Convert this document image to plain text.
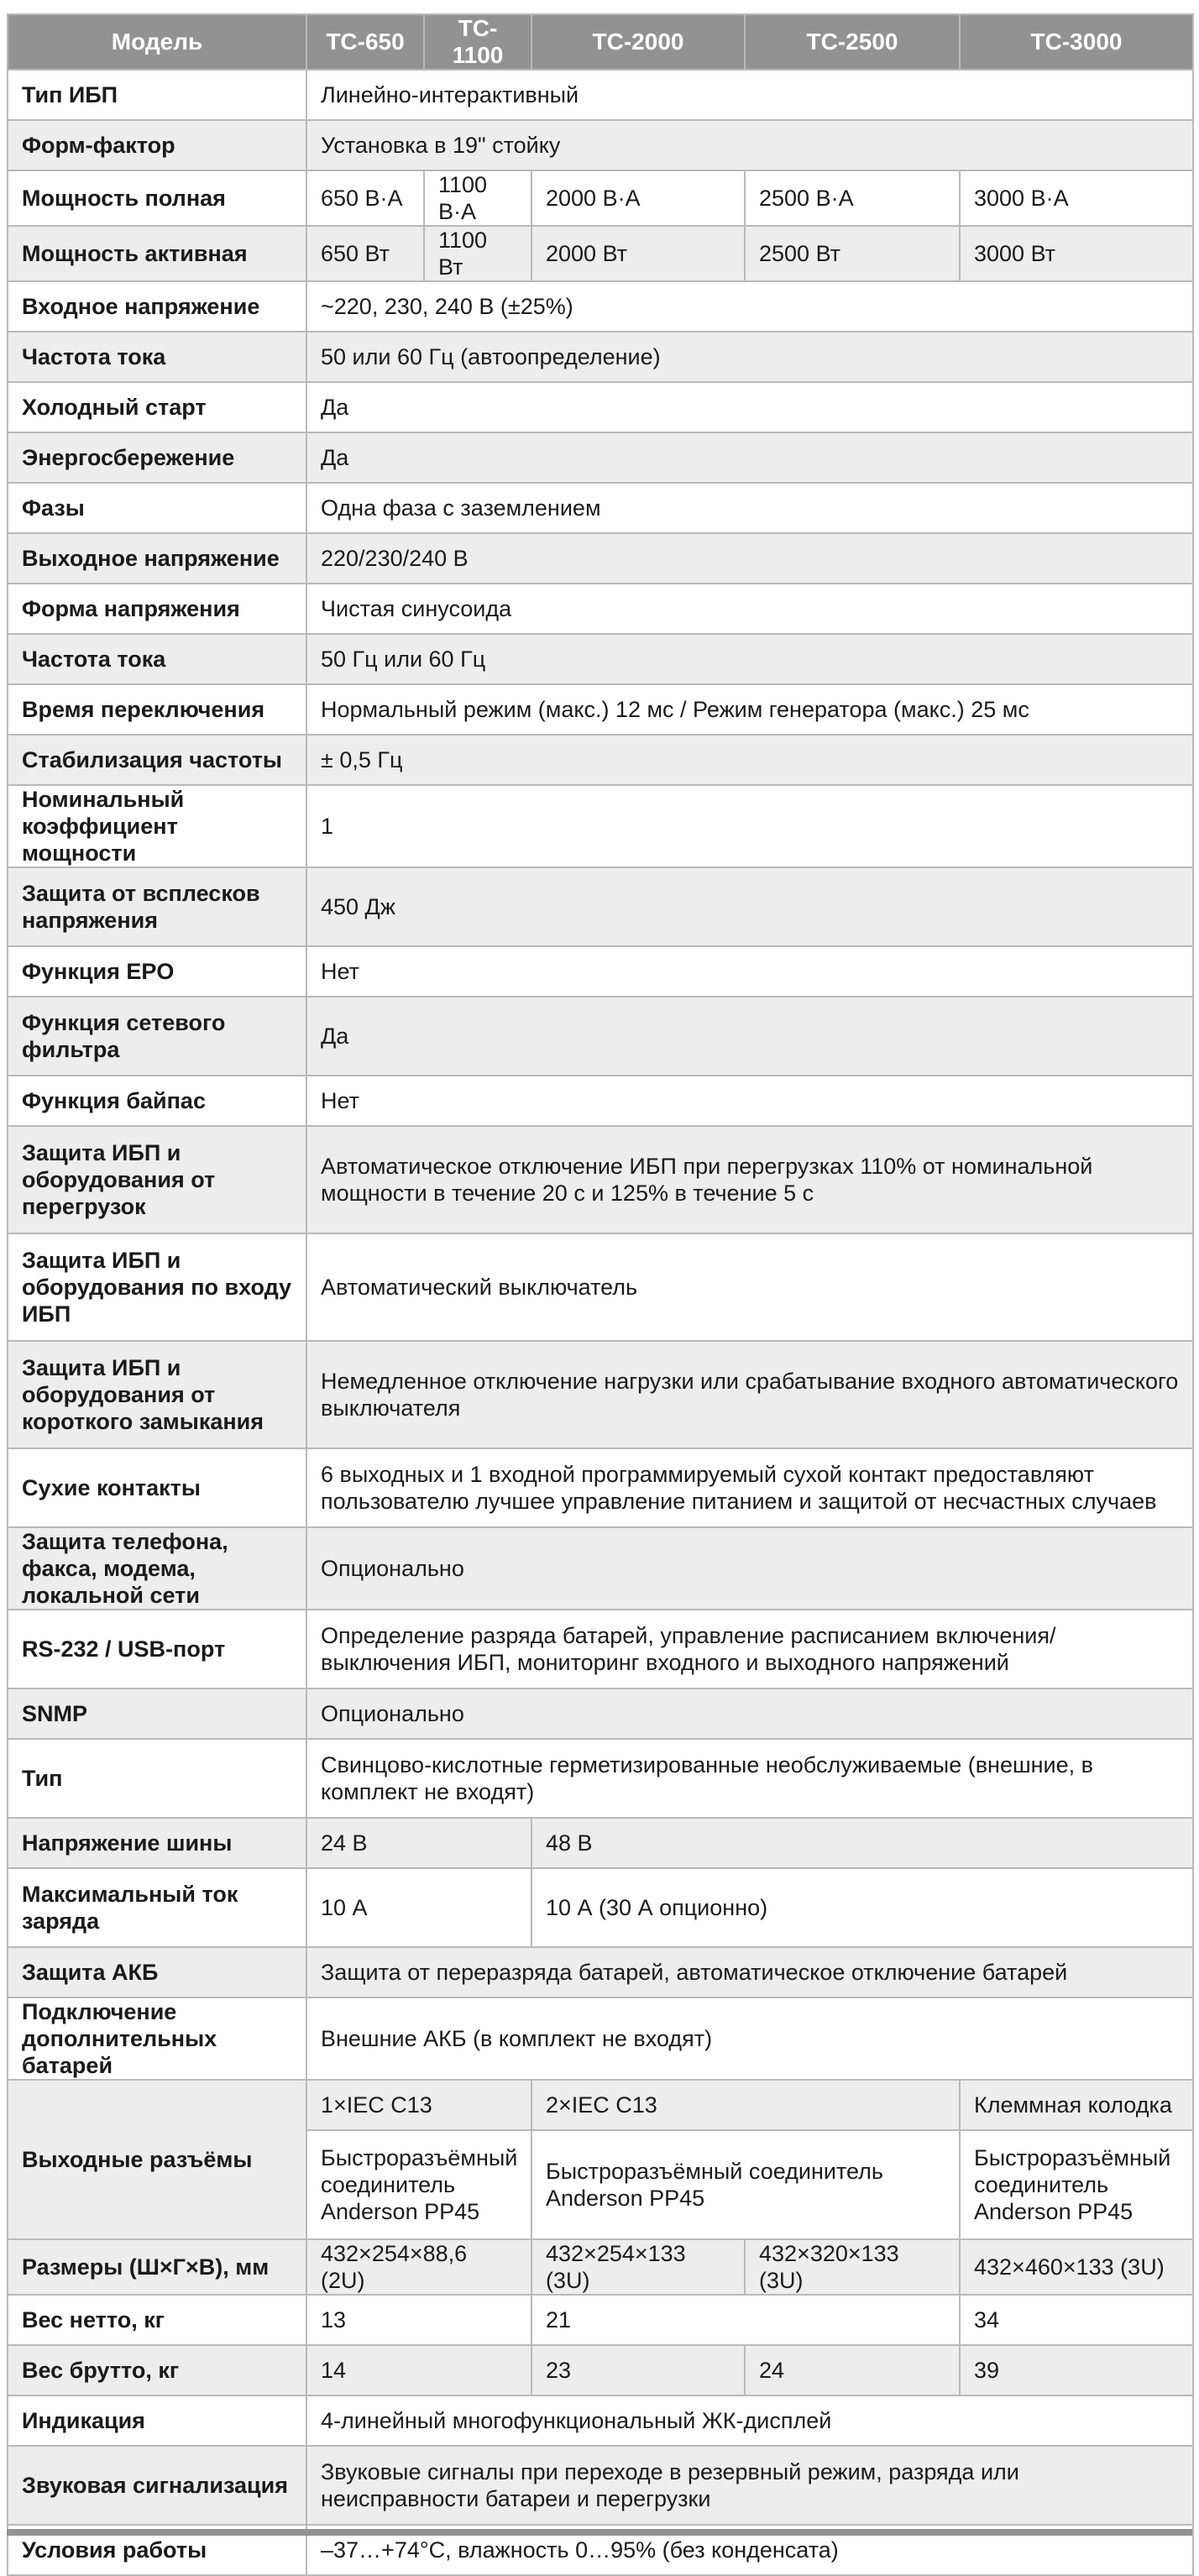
Модель	TC-650	TC-1100	TC-2000	TC-2500	TC-3000
Тип ИБП	Линейно-интерактивный				
Форм-фактор	Установка в 19" стойку				
Мощность полная	650 В·А	1100 В·А	2000 В·А	2500 В·А	3000 В·А
Мощность активная	650 Вт	1100 Вт	2000 Вт	2500 Вт	3000 Вт
Входное напряжение	~220, 230, 240 В (±25%)				
Частота тока	50 или 60 Гц (автоопределение)				
Холодный старт	Да				
Энергосбережение	Да				
Фазы	Одна фаза с заземлением				
Выходное напряжение	220/230/240 В				
Форма напряжения	Чистая синусоида				
Частота тока	50 Гц или 60 Гц				
Время переключения	Нормальный режим (макс.) 12 мс / Режим генератора (макс.) 25 мс				
Стабилизация частоты	± 0,5 Гц				
Номинальный коэффициент мощности	1				
Защита от всплесков напряжения	450 Дж				
Функция EPO	Нет				
Функция сетевого фильтра	Да				
Функция байпас	Нет				
Защита ИБП и оборудования от перегрузок	Автоматическое отключение ИБП при перегрузках 110% от номинальной мощности в течение 20 с и 125% в течение 5 с				
Защита ИБП и оборудования по входу ИБП	Автоматический выключатель				
Защита ИБП и оборудования от короткого замыкания	Немедленное отключение нагрузки или срабатывание входного автоматического выключателя				
Сухие контакты	6 выходных и 1 входной программируемый сухой контакт предоставляют пользователю лучшее управление питанием и защитой от несчастных случаев				
Защита телефона, факса, модема, локальной сети	Опционально				
RS-232 / USB-порт	Определение разряда батарей, управление расписанием включения/выключения ИБП, мониторинг входного и выходного напряжений				
SNMP	Опционально				
Тип	Свинцово-кислотные герметизированные необслуживаемые (внешние, в комплект не входят)				
Напряжение шины	24 В		48 В		
Максимальный ток заряда	10 А		10 А (30 А опционно)		
Защита АКБ	Защита от переразряда батарей, автоматическое отключение батарей				
Подключение дополнительных батарей	Внешние АКБ (в комплект не входят)				
Выходные разъёмы	1×IEC C13		2×IEC C13		Клеммная колодка
	Быстроразъёмный соединитель Anderson PP45		Быстроразъёмный соединитель Anderson PP45		Быстроразъёмный соединитель Anderson PP45
Размеры (Ш×Г×В), мм	432×254×88,6 (2U)		432×254×133 (3U)	432×320×133 (3U)	432×460×133 (3U)
Вес нетто, кг	13		21		34
Вес брутто, кг	14		23	24	39
Индикация	4-линейный многофункциональный ЖК-дисплей				
Звуковая сигнализация	Звуковые сигналы при переходе в резервный режим, разряда или неисправности батареи и перегрузки				
Условия работы	–37…+74°C, влажность 0…95% (без конденсата)				
